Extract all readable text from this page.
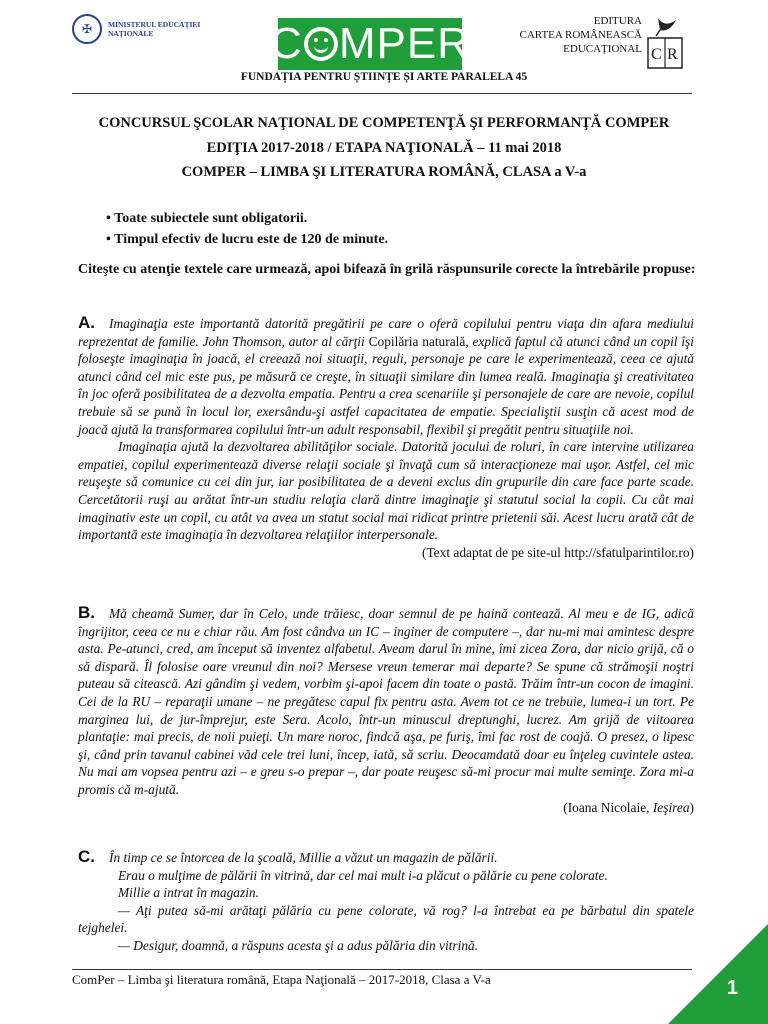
✠	MINISTERUL EDUCAȚIEI
NAȚIONALE	C MPER	EDITURA
CARTEA ROMÂNEASCĂ
EDUCAȚIONAL C R
FUNDAȚIA PENTRU ȘTIINȚE ȘI ARTE PARALELA 45
CONCURSUL ŞCOLAR NAŢIONAL DE COMPETENŢĂ ŞI PERFORMANŢĂ COMPER
EDIŢIA 2017-2018 / ETAPA NAŢIONALĂ – 11 mai 2018
COMPER – LIMBA ŞI LITERATURA ROMÂNĂ, CLASA a V-a
• Toate subiectele sunt obligatorii.
• Timpul efectiv de lucru este de 120 de minute.
Citeşte cu atenţie textele care urmează, apoi bifează în grilă răspunsurile corecte la întrebările propuse:

A. Imaginaţia este importantă datorită pregătirii pe care o oferă copilului pentru viaţa din afara mediului reprezentat de familie. John Thomson, autor al cărţii Copilăria naturală, explică faptul că atunci când un copil îşi foloseşte imaginaţia în joacă, el creează noi situaţii, reguli, personaje pe care le experimentează, ceea ce ajută atunci când cel mic este pus, pe măsură ce creşte, în situaţii similare din lumea reală. Imaginaţia şi creativitatea în joc oferă posibilitatea de a dezvolta empatia. Pentru a crea scenariile şi personajele de care are nevoie, copilul trebuie să se pună în locul lor, exersându-şi astfel capacitatea de empatie. Specialiştii susţin că acest mod de joacă ajută la transformarea copilului într-un adult responsabil, flexibil şi pregătit pentru situaţiile noi.

Imaginaţia ajută la dezvoltarea abilităţilor sociale. Datorită jocului de roluri, în care intervine utilizarea empatiei, copilul experimentează diverse relaţii sociale şi învaţă cum să interacţioneze mai uşor. Astfel, cel mic reuşeşte să comunice cu cei din jur, iar posibilitatea de a deveni exclus din grupurile din care face parte scade. Cercetătorii ruşi au arătat într-un studiu relaţia clară dintre imaginaţie şi statutul social la copii. Cu cât mai imaginativ este un copil, cu atât va avea un statut social mai ridicat printre prietenii săi. Acest lucru arată cât de importantă este imaginaţia în dezvoltarea relaţiilor interpersonale.

(Text adaptat de pe site-ul http://sfatulparintilor.ro)

B. Mă cheamă Sumer, dar în Celo, unde trăiesc, doar semnul de pe haină contează. Al meu e de IG, adică îngrijitor, ceea ce nu e chiar rău. Am fost cândva un IC – inginer de computere –, dar nu-mi mai amintesc despre asta. Pe-atunci, cred, am început să inventez alfabetul. Aveam darul în mine, îmi zicea Zora, dar nicio grijă, că o să dispară. Îl folosise oare vreunul din noi? Mersese vreun temerar mai departe? Se spune că strămoşii noştri puteau să citească. Azi gândim şi vedem, vorbim şi-apoi facem din toate o pastă. Trăim într-un cocon de imagini. Cei de la RU – reparaţii umane – ne pregătesc capul fix pentru asta. Avem tot ce ne trebuie, lumea-i un tort. Pe marginea lui, de jur-împrejur, este Sera. Acolo, într-un minuscul dreptunghi, lucrez. Am grijă de viitoarea plantaţie: mai precis, de noii puieţi. Un mare noroc, findcă aşa, pe furiş, îmi fac rost de coajă. O presez, o lipesc şi, când prin tavanul cabinei văd cele trei luni, încep, iată, să scriu. Deocamdată doar eu înţeleg cuvintele astea. Nu mai am vopsea pentru azi – e greu s-o prepar –, dar poate reuşesc să-mi procur mai multe seminţe. Zora mi-a promis că m-ajută.

(Ioana Nicolaie, Ieşirea)

C. În timp ce se întorcea de la şcoală, Millie a văzut un magazin de pălării.

Erau o mulţime de pălării în vitrină, dar cel mai mult i-a plăcut o pălărie cu pene colorate.

Millie a intrat în magazin.

— Aţi putea să-mi arătaţi pălăria cu pene colorate, vă rog? l-a întrebat ea pe bărbatul din spatele tejghelei.

— Desigur, doamnă, a răspuns acesta şi a adus pălăria din vitrină.

ComPer – Limba şi literatura română, Etapa Naţională – 2017-2018, Clasa a V-a	1
